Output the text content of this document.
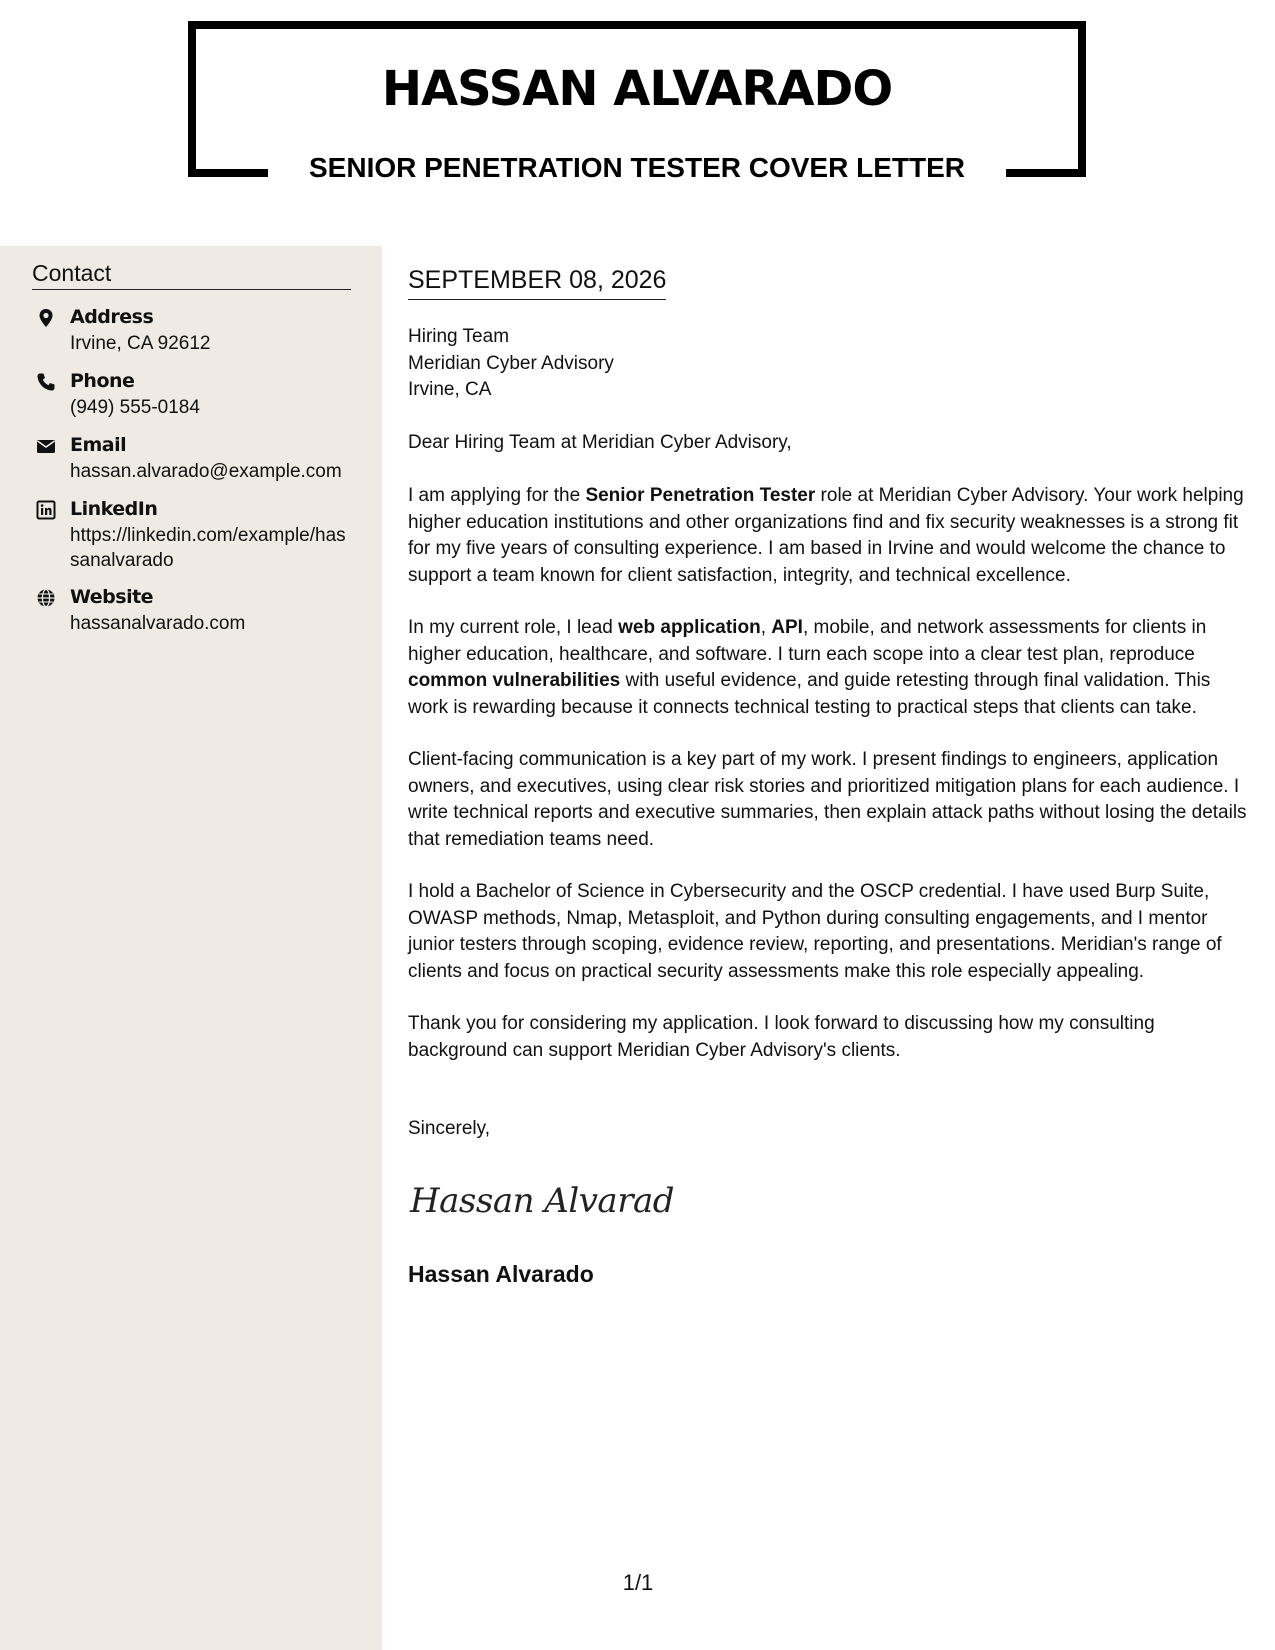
HASSAN ALVARADO
SENIOR PENETRATION TESTER COVER LETTER
Contact
Address
Irvine, CA 92612
Phone
(949) 555-0184
Email
hassan.alvarado@example.com
LinkedIn
https://linkedin.com/example/hassanalvarado
Website
hassanalvarado.com
SEPTEMBER 08, 2026
Hiring Team
Meridian Cyber Advisory
Irvine, CA
Dear Hiring Team at Meridian Cyber Advisory,
I am applying for the Senior Penetration Tester role at Meridian Cyber Advisory. Your work helping higher education institutions and other organizations find and fix security weaknesses is a strong fit for my five years of consulting experience. I am based in Irvine and would welcome the chance to support a team known for client satisfaction, integrity, and technical excellence.
In my current role, I lead web application, API, mobile, and network assessments for clients in higher education, healthcare, and software. I turn each scope into a clear test plan, reproduce common vulnerabilities with useful evidence, and guide retesting through final validation. This work is rewarding because it connects technical testing to practical steps that clients can take.
Client-facing communication is a key part of my work. I present findings to engineers, application owners, and executives, using clear risk stories and prioritized mitigation plans for each audience. I write technical reports and executive summaries, then explain attack paths without losing the details that remediation teams need.
I hold a Bachelor of Science in Cybersecurity and the OSCP credential. I have used Burp Suite, OWASP methods, Nmap, Metasploit, and Python during consulting engagements, and I mentor junior testers through scoping, evidence review, reporting, and presentations. Meridian's range of clients and focus on practical security assessments make this role especially appealing.
Thank you for considering my application. I look forward to discussing how my consulting background can support Meridian Cyber Advisory's clients.
Sincerely,
Hassan Alvarad
Hassan Alvarado
1/1
